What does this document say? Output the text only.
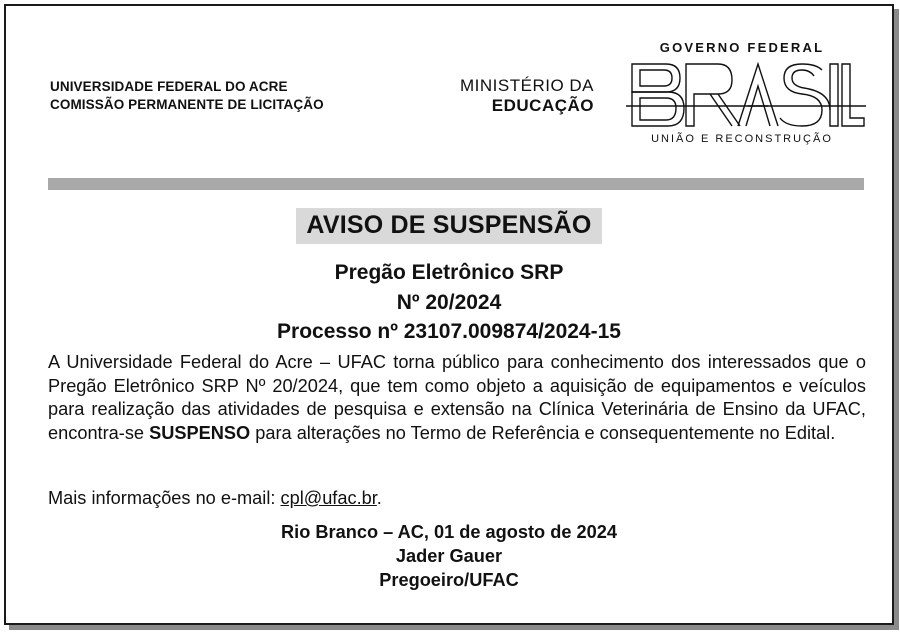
UNIVERSIDADE FEDERAL DO ACRE
COMISSÃO PERMANENTE DE LICITAÇÃO
MINISTÉRIO DA
EDUCAÇÃO
GOVERNO FEDERAL
UNIÃO E RECONSTRUÇÃO
AVISO DE SUSPENSÃO
Pregão Eletrônico SRP
Nº 20/2024
Processo nº 23107.009874/2024-15
A Universidade Federal do Acre – UFAC torna público para conhecimento dos interessados que o Pregão Eletrônico SRP Nº 20/2024, que tem como objeto a aquisição de equipamentos e veículos para realização das atividades de pesquisa e extensão na Clínica Veterinária de Ensino da UFAC, encontra-se SUSPENSO para alterações no Termo de Referência e consequentemente no Edital.
Mais informações no e-mail: cpl@ufac.br.
Rio Branco – AC, 01 de agosto de 2024
Jader Gauer
Pregoeiro/UFAC
